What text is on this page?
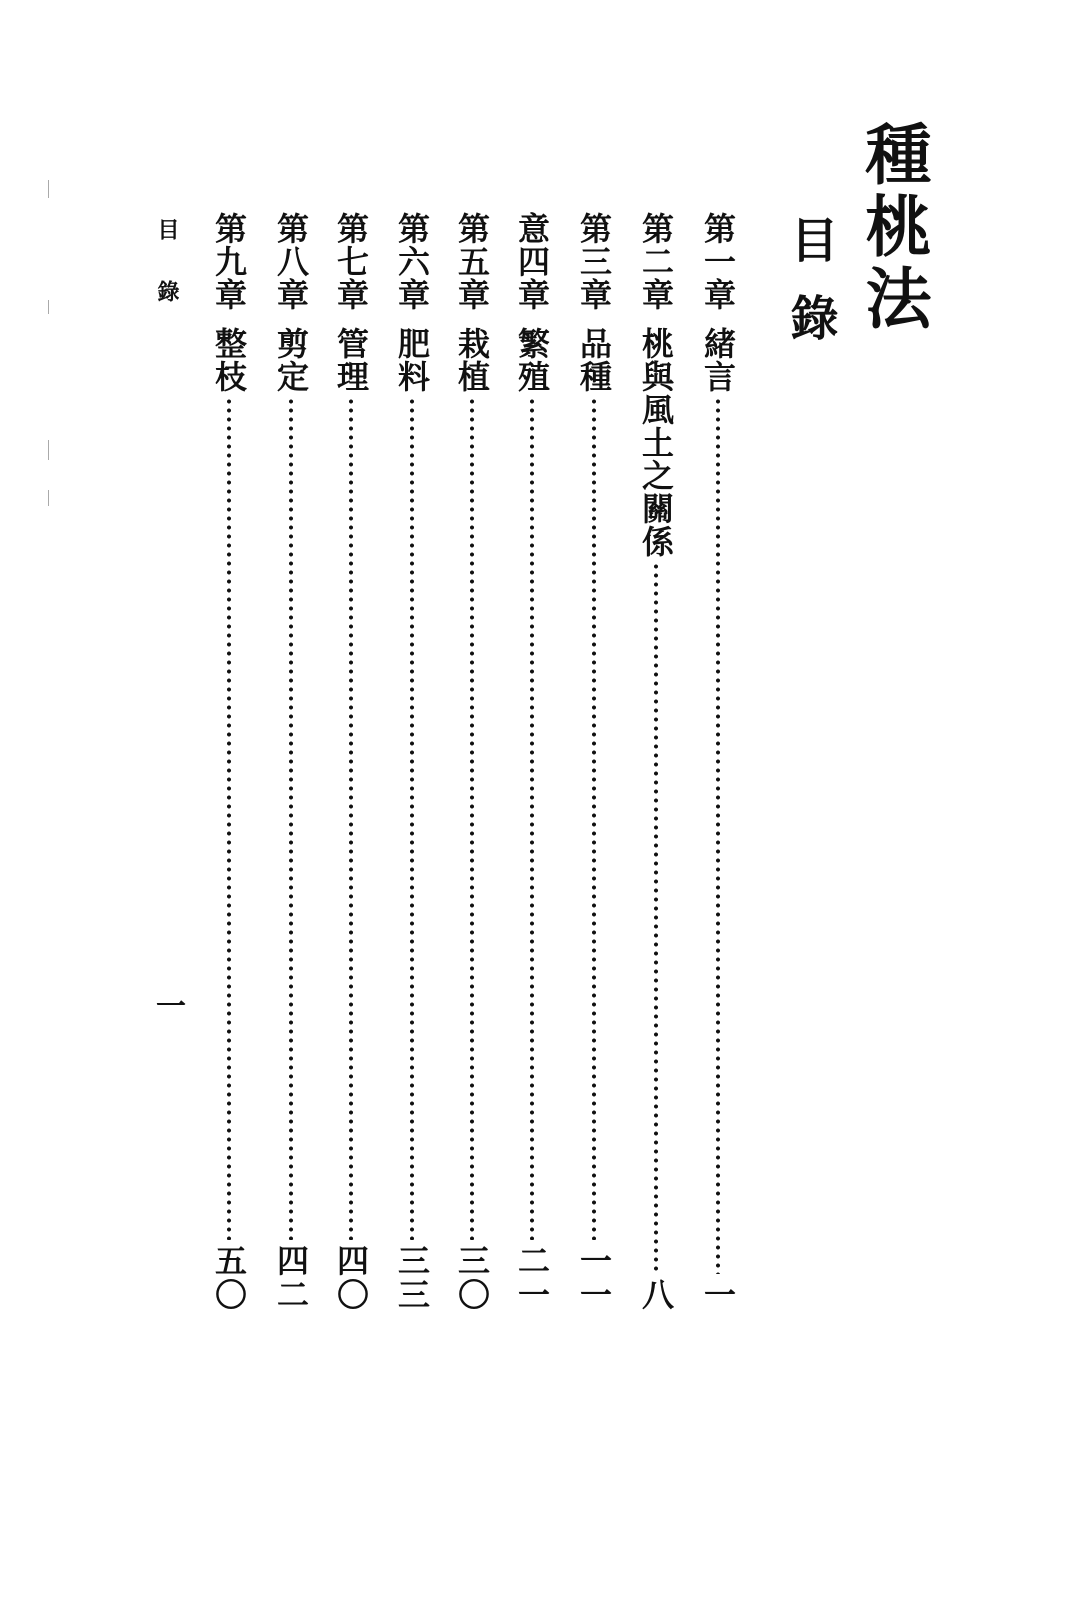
種桃法
目錄
第一章
緒言
一
第二章
桃與風土之關係
八
第三章
品種
一一
意四章
繁殖
二一
第五章
栽植
三〇
第六章
肥料
三三
第七章
管理
四〇
第八章
剪定
四二
第九章
整枝
五〇
目錄
一
